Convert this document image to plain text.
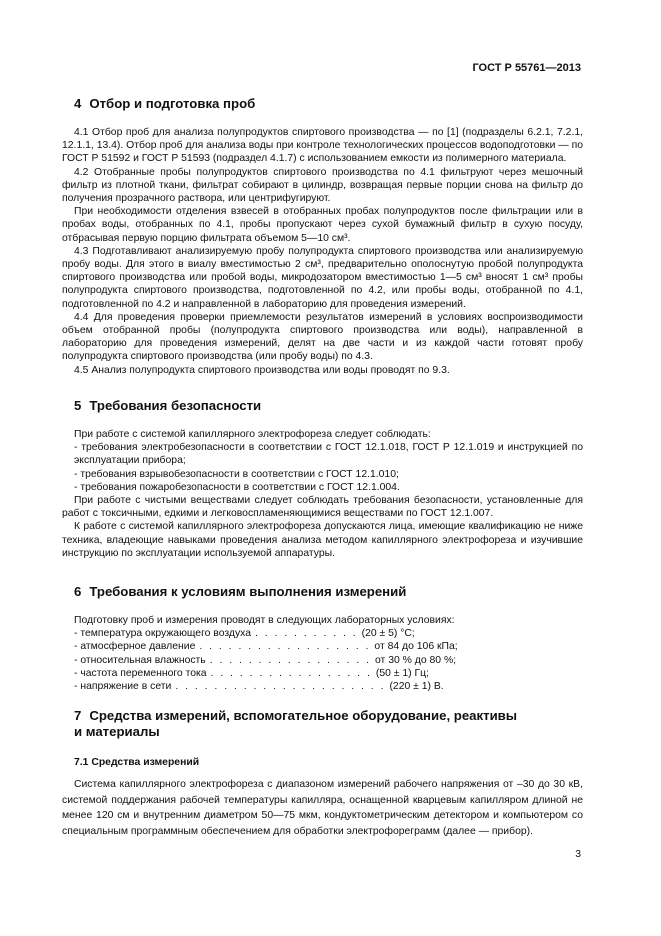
ГОСТ Р 55761—2013
4 Отбор и подготовка проб

4.1 Отбор проб для анализа полупродуктов спиртового производства — по [1] (подразделы 6.2.1, 7.2.1, 12.1.1, 13.4). Отбор проб для анализа воды при контроле технологических процессов водоподготовки — по ГОСТ Р 51592 и ГОСТ Р 51593 (подраздел 4.1.7) с использованием емкости из полимерного материала.

4.2 Отобранные пробы полупродуктов спиртового производства по 4.1 фильтруют через мешочный фильтр из плотной ткани, фильтрат собирают в цилиндр, возвращая первые порции снова на фильтр до получения прозрачного раствора, или центрифугируют.

При необходимости отделения взвесей в отобранных пробах полупродуктов после фильтрации или в пробах воды, отобранных по 4.1, пробы пропускают через сухой бумажный фильтр в сухую посуду, отбрасывая первую порцию фильтрата объемом 5—10 см³.

4.3 Подготавливают анализируемую пробу полупродукта спиртового производства или анализируемую пробу воды. Для этого в виалу вместимостью 2 см³, предварительно ополоснутую пробой полупродукта спиртового производства или пробой воды, микродозатором вместимостью 1—5 см³ вносят 1 см³ пробы полупродукта спиртового производства, подготовленной по 4.2, или пробы воды, отобранной по 4.1, подготовленной по 4.2 и направленной в лабораторию для проведения измерений.

4.4 Для проведения проверки приемлемости результатов измерений в условиях воспроизводимости объем отобранной пробы (полупродукта спиртового производства или воды), направленной в лабораторию для проведения измерений, делят на две части и из каждой части готовят пробу полупродукта спиртового производства (или пробу воды) по 4.3.

4.5 Анализ полупродукта спиртового производства или воды проводят по 9.3.

5 Требования безопасности

При работе с системой капиллярного электрофореза следует соблюдать:

- требования электробезопасности в соответствии с ГОСТ 12.1.018, ГОСТ Р 12.1.019 и инструкцией по эксплуатации прибора;

- требования взрывобезопасности в соответствии с ГОСТ 12.1.010;

- требования пожаробезопасности в соответствии с ГОСТ 12.1.004.

При работе с чистыми веществами следует соблюдать требования безопасности, установленные для работ с токсичными, едкими и легковоспламеняющимися веществами по ГОСТ 12.1.007.

К работе с системой капиллярного электрофореза допускаются лица, имеющие квалификацию не ниже техника, владеющие навыками проведения анализа методом капиллярного электрофореза и изучившие инструкцию по эксплуатации используемой аппаратуры.

6 Требования к условиям выполнения измерений

Подготовку проб и измерения проводят в следующих лабораторных условиях:

- температура окружающего воздуха . . . . . . . . . . . (20 ± 5) °С;
- атмосферное давление . . . . . . . . . . . . . . . . . . от 84 до 106 кПа;
- относительная влажность . . . . . . . . . . . . . . . . . от 30 % до 80 %;
- частота переменного тока . . . . . . . . . . . . . . . . . (50 ± 1) Гц;
- напряжение в сети . . . . . . . . . . . . . . . . . . . . . . (220 ± 1) В.
7 Средства измерений, вспомогательное оборудование, реактивы
и материалы

7.1 Средства измерений

Система капиллярного электрофореза с диапазоном измерений рабочего напряжения от –30 до 30 кВ, системой поддержания рабочей температуры капилляра, оснащенной кварцевым капилляром длиной не менее 120 см и внутренним диаметром 50—75 мкм, кондуктометрическим детектором и компьютером со специальным программным обеспечением для обработки электрофореграмм (далее — прибор).

3
